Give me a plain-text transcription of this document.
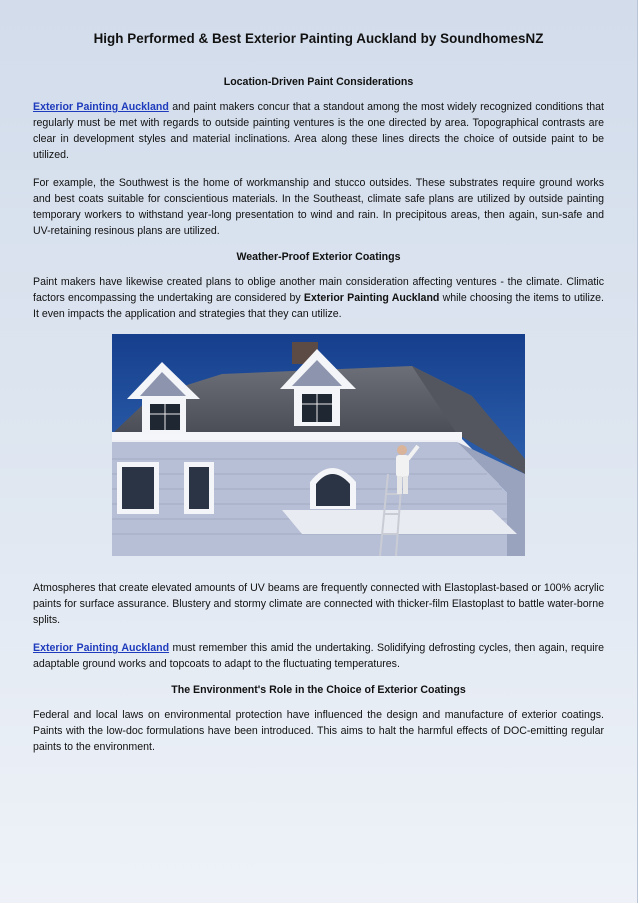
High Performed & Best Exterior Painting Auckland by SoundhomesNZ
Location-Driven Paint Considerations

Exterior Painting Auckland and paint makers concur that a standout among the most widely recognized conditions that regularly must be met with regards to outside painting ventures is the one directed by area. Topographical contrasts are clear in development styles and material inclinations. Area along these lines directs the choice of outside paint to be utilized.

For example, the Southwest is the home of workmanship and stucco outsides. These substrates require ground works and best coats suitable for conscientious materials. In the Southeast, climate safe plans are utilized by outside painting temporary workers to withstand year-long presentation to wind and rain. In precipitous areas, then again, sun-safe and UV-retaining resinous plans are utilized.

Weather-Proof Exterior Coatings

Paint makers have likewise created plans to oblige another main consideration affecting ventures - the climate. Climatic factors encompassing the undertaking are considered by Exterior Painting Auckland while choosing the items to utilize. It even impacts the application and strategies that they can utilize.

Atmospheres that create elevated amounts of UV beams are frequently connected with Elastoplast-based or 100% acrylic paints for surface assurance. Blustery and stormy climate are connected with thicker-film Elastoplast to battle water-borne splits.

Exterior Painting Auckland must remember this amid the undertaking. Solidifying defrosting cycles, then again, require adaptable ground works and topcoats to adapt to the fluctuating temperatures.

The Environment's Role in the Choice of Exterior Coatings

Federal and local laws on environmental protection have influenced the design and manufacture of exterior coatings. Paints with the low-doc formulations have been introduced. This aims to halt the harmful effects of DOC-emitting regular paints to the environment.
